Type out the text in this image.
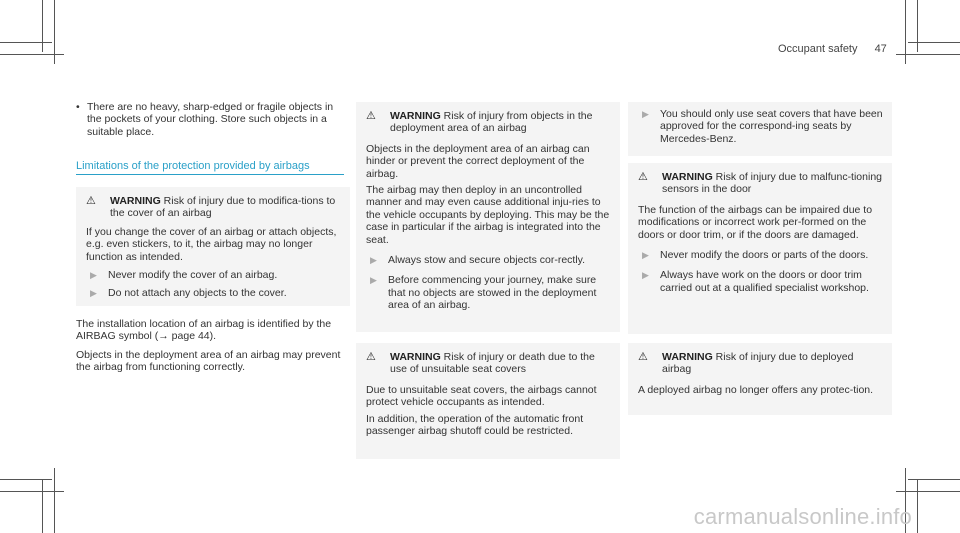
Occupant safety 47

• There are no heavy, sharp-edged or fragile objects in the pockets of your clothing. Store such objects in a suitable place.

Limitations of the protection provided by airbags
⚠ WARNING Risk of injury due to modifica-tions to the cover of an airbag

If you change the cover of an airbag or attach objects, e.g. even stickers, to it, the airbag may no longer function as intended.

▶ Never modify the cover of an airbag.
▶ Do not attach any objects to the cover.

The installation location of an airbag is identified by the AIRBAG symbol (→ page 44).

Objects in the deployment area of an airbag may prevent the airbag from functioning correctly.

⚠ WARNING Risk of injury from objects in the deployment area of an airbag

Objects in the deployment area of an airbag can hinder or prevent the correct deployment of the airbag.

The airbag may then deploy in an uncontrolled manner and may even cause additional inju-ries to the vehicle occupants by deploying. This may be the case in particular if the airbag is integrated into the seat.

▶ Always stow and secure objects cor-rectly.
▶ Before commencing your journey, make sure that no objects are stowed in the deployment area of an airbag.
⚠ WARNING Risk of injury or death due to the use of unsuitable seat covers

Due to unsuitable seat covers, the airbags cannot protect vehicle occupants as intended.

In addition, the operation of the automatic front passenger airbag shutoff could be restricted.

▶ You should only use seat covers that have been approved for the correspond-ing seats by Mercedes-Benz.
⚠ WARNING Risk of injury due to malfunc-tioning sensors in the door

The function of the airbags can be impaired due to modifications or incorrect work per-formed on the doors or door trim, or if the doors are damaged.

▶ Never modify the doors or parts of the doors.
▶ Always have work on the doors or door trim carried out at a qualified specialist workshop.
⚠ WARNING Risk of injury due to deployed airbag

A deployed airbag no longer offers any protec-tion.

carmanualsonline.info
